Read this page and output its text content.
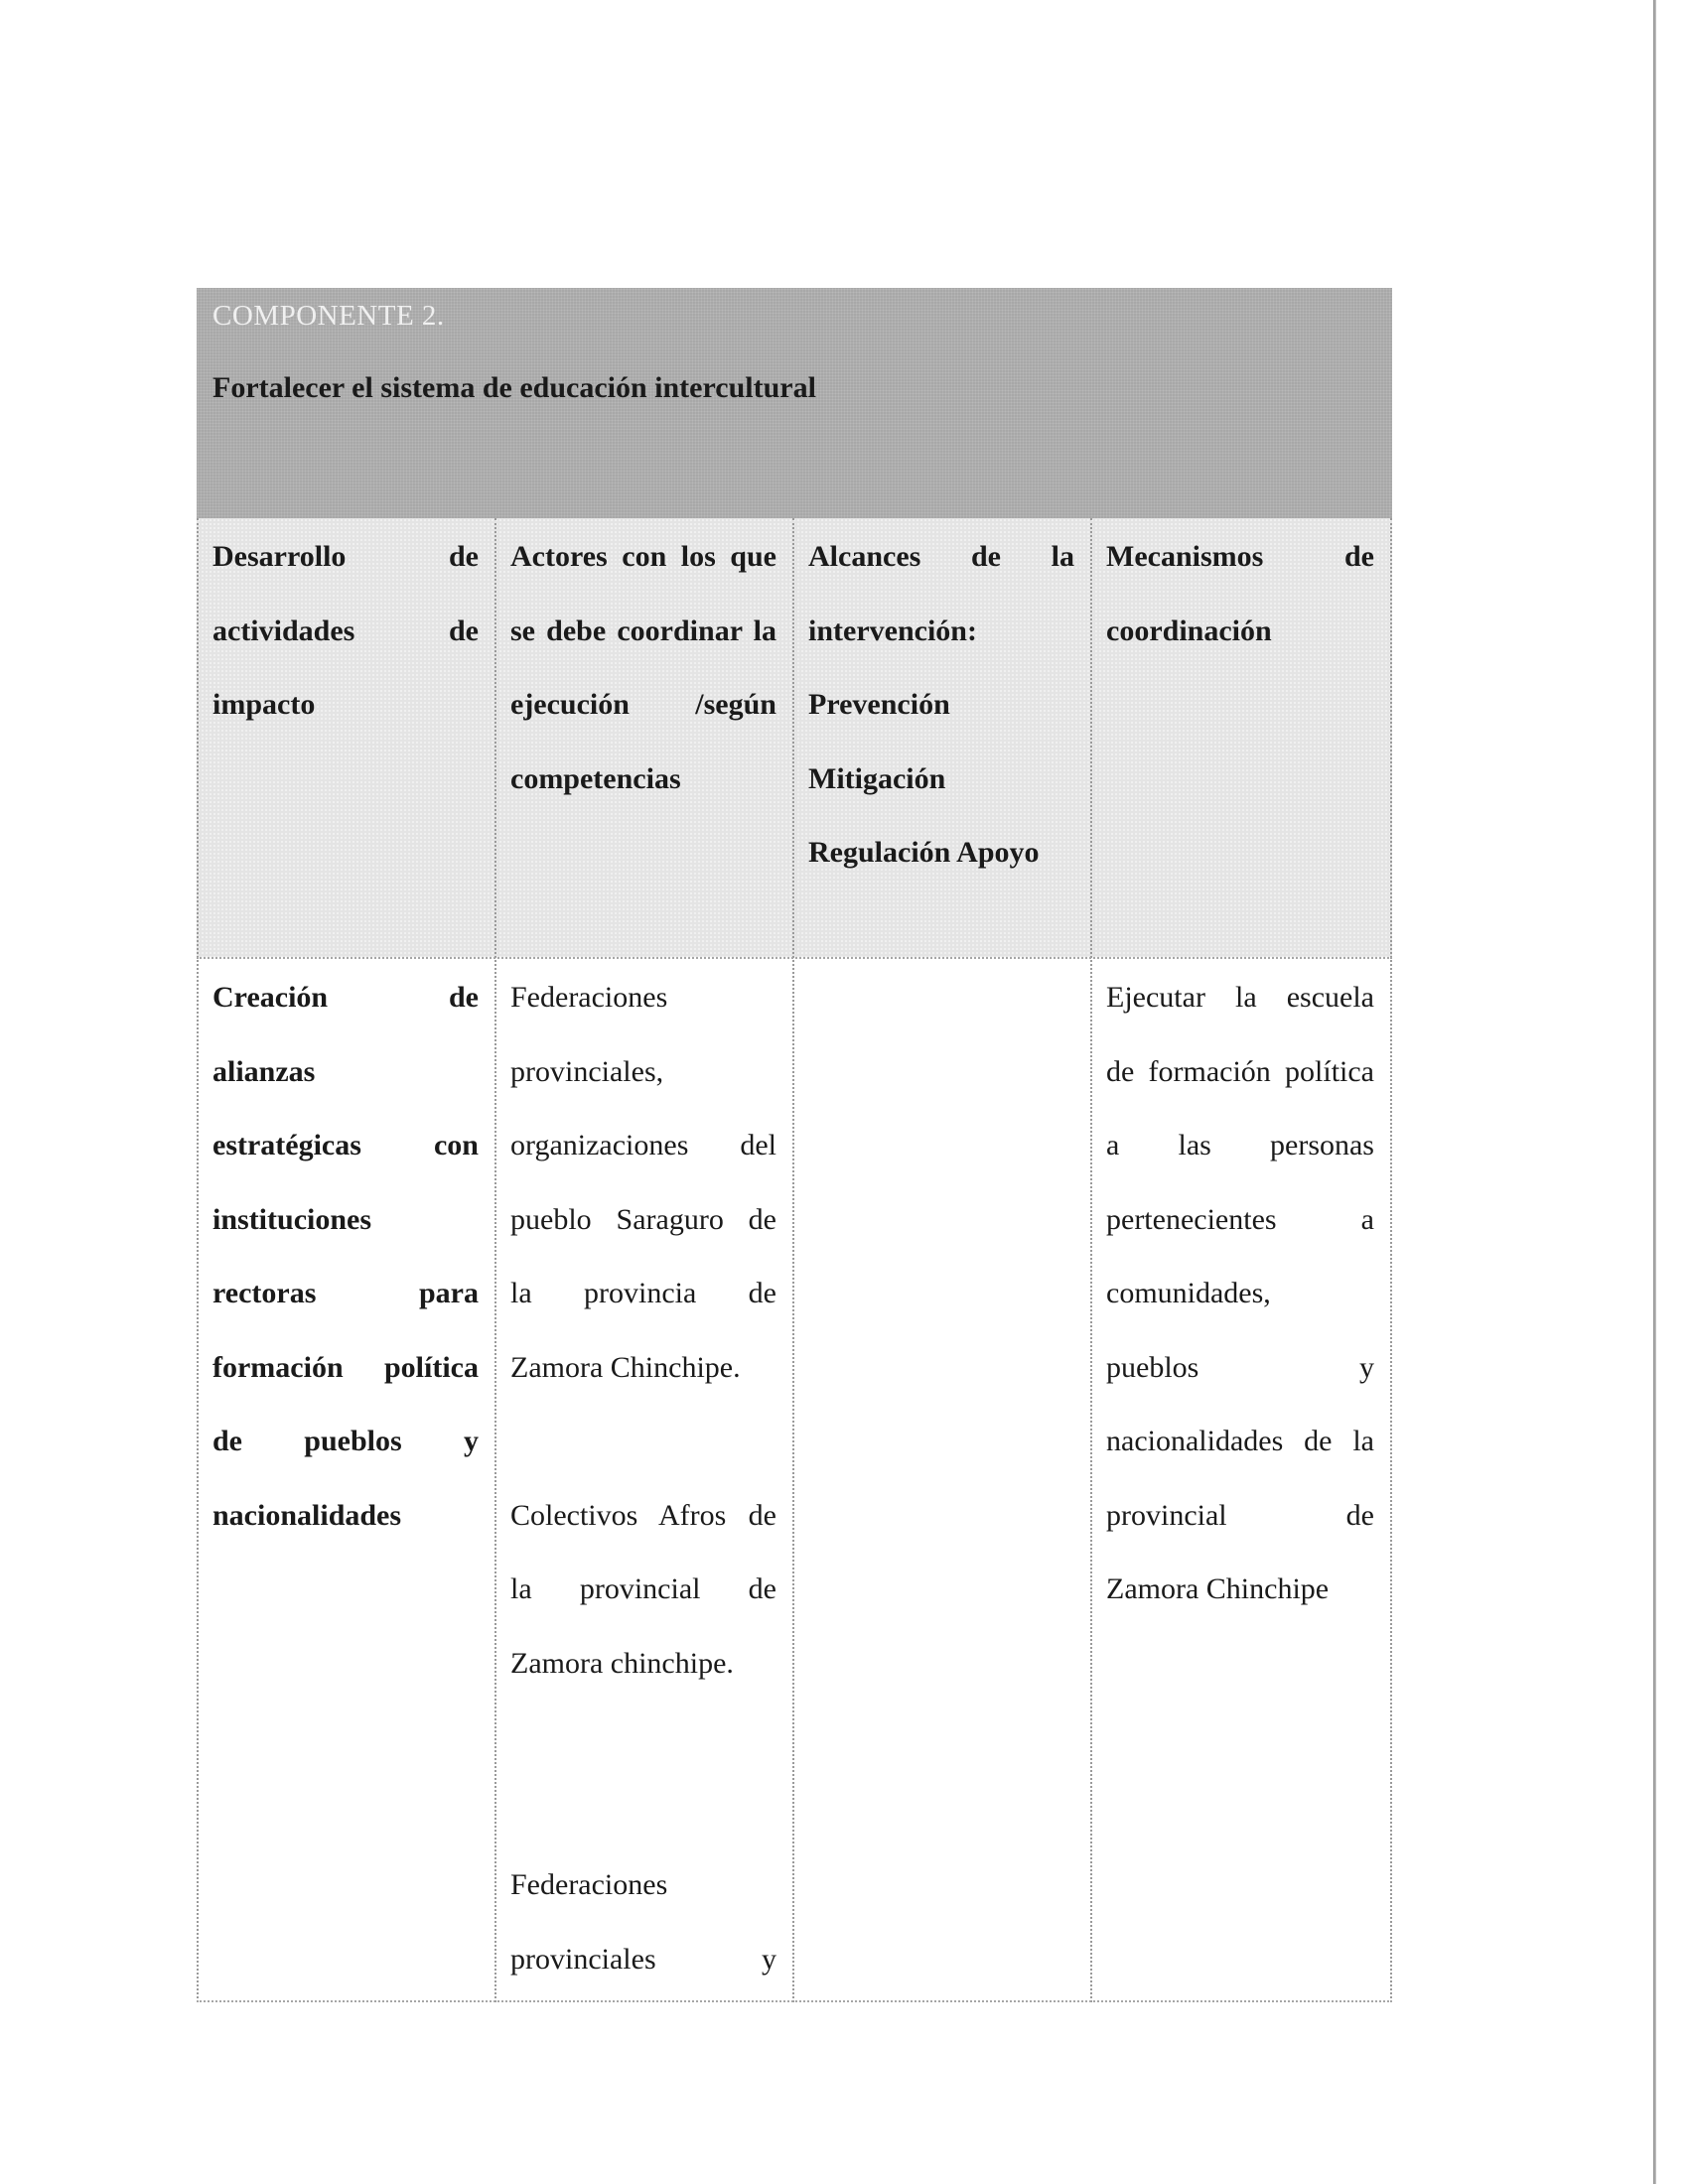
COMPONENTE 2.
Fortalecer el sistema de educación intercultural
Desarrollo de
actividades de
impacto
Actores con los que
se debe coordinar la
ejecución /según
competencias
Alcances de la
intervención:
Prevención
Mitigación
Regulación Apoyo
Mecanismos de
coordinación
Creación de
alianzas
estratégicas con
instituciones
rectoras para
formación política
de pueblos y
nacionalidades
Federaciones
provinciales,
organizaciones del
pueblo Saraguro de
la provincia de
Zamora Chinchipe.
Colectivos Afros de
la provincial de
Zamora chinchipe.
Federaciones
provinciales y
Ejecutar la escuela
de formación política
a las personas
pertenecientes a
comunidades,
pueblos y
nacionalidades de la
provincial de
Zamora Chinchipe
